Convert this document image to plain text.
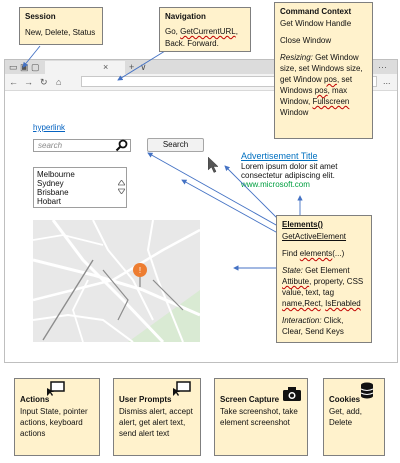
▭ ▣ ▢	× + ∨
← → ↻ ⌂	...
···
hyperlink
search	Search
Melbourne
Sydney
Brisbane
Hobart
Advertisement Title
Lorem ipsum dolor sit amet
consectetur adipiscing elit.
www.microsoft.com
!
Session
New, Delete, Status
Navigation
Go, GetCurrentURL,
Back. Forward.
Command Context
Get Window Handle
Close Window
Resizing: Get Window size, set Windows size, get Window pos, set Windows pos, max Window, Fullscreen Window
Elements()
GetActiveElement
Find elements(...)
State: Get Element Attibute, property, CSS value, text, tag name,Rect, IsEnabled
Interaction: Click, Clear, Send Keys
Actions
Input State, pointer actions, keyboard actions
User Prompts
Dismiss alert, accept alert, get alert text, send alert text
Screen Capture
Take screenshot, take element screenshot
Cookies
Get, add, Delete
